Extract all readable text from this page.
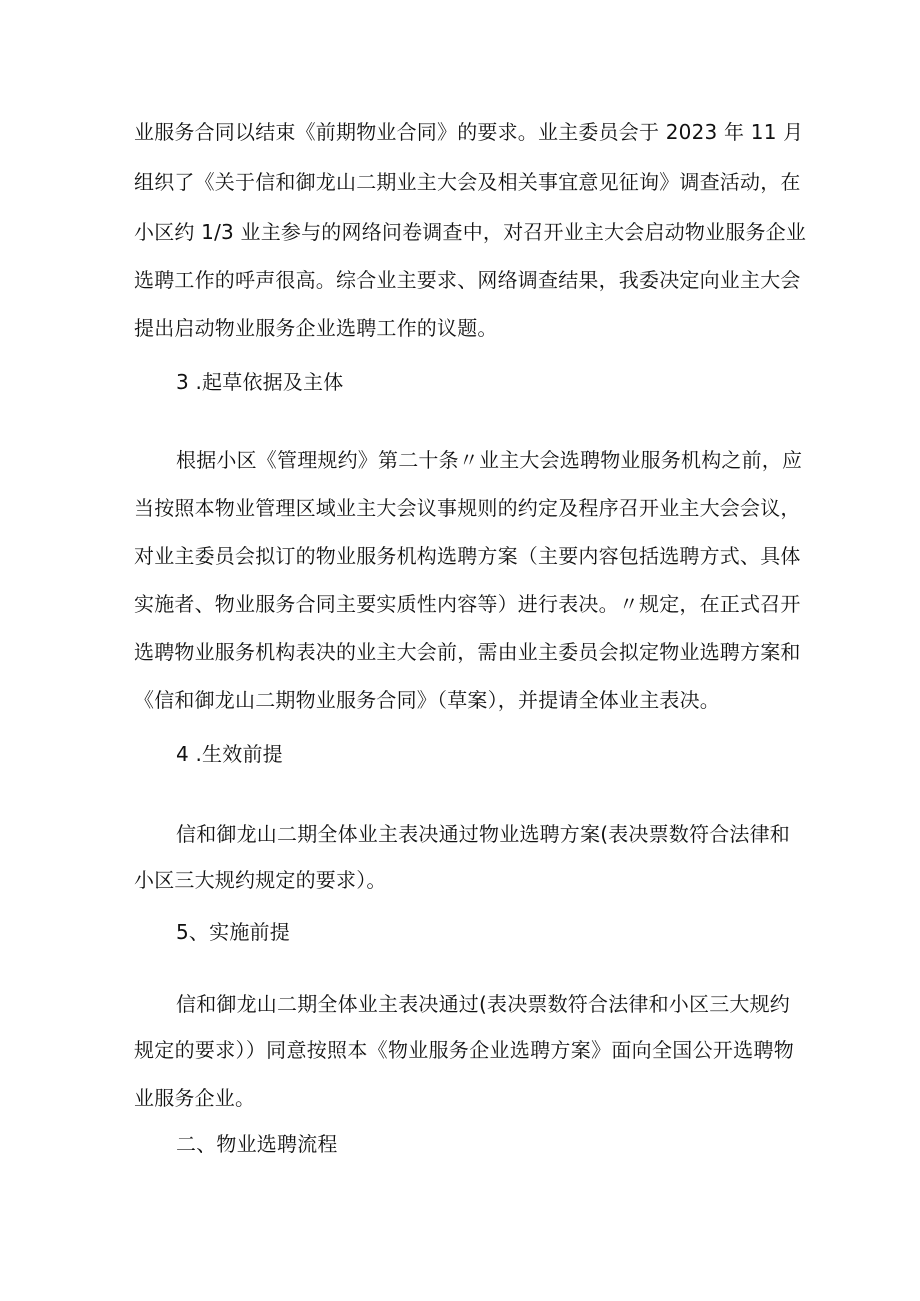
业服务合同以结束《前期物业合同》的要求。业主委员会于 2023 年 11 月
组织了《关于信和御龙山二期业主大会及相关事宜意见征询》调查活动，在
小区约 1/3 业主参与的网络问卷调查中，对召开业主大会启动物业服务企业
选聘工作的呼声很高。综合业主要求、网络调查结果，我委决定向业主大会
提出启动物业服务企业选聘工作的议题。
3 .起草依据及主体
根据小区《管理规约》第二十条〃业主大会选聘物业服务机构之前，应
当按照本物业管理区域业主大会议事规则的约定及程序召开业主大会会议，
对业主委员会拟订的物业服务机构选聘方案（主要内容包括选聘方式、具体
实施者、物业服务合同主要实质性内容等）进行表决。〃规定，在正式召开
选聘物业服务机构表决的业主大会前，需由业主委员会拟定物业选聘方案和
《信和御龙山二期物业服务合同》（草案），并提请全体业主表决。
4 .生效前提
信和御龙山二期全体业主表决通过物业选聘方案(表决票数符合法律和
小区三大规约规定的要求）。
5、实施前提
信和御龙山二期全体业主表决通过(表决票数符合法律和小区三大规约
规定的要求））同意按照本《物业服务企业选聘方案》面向全国公开选聘物
业服务企业。
二、物业选聘流程
